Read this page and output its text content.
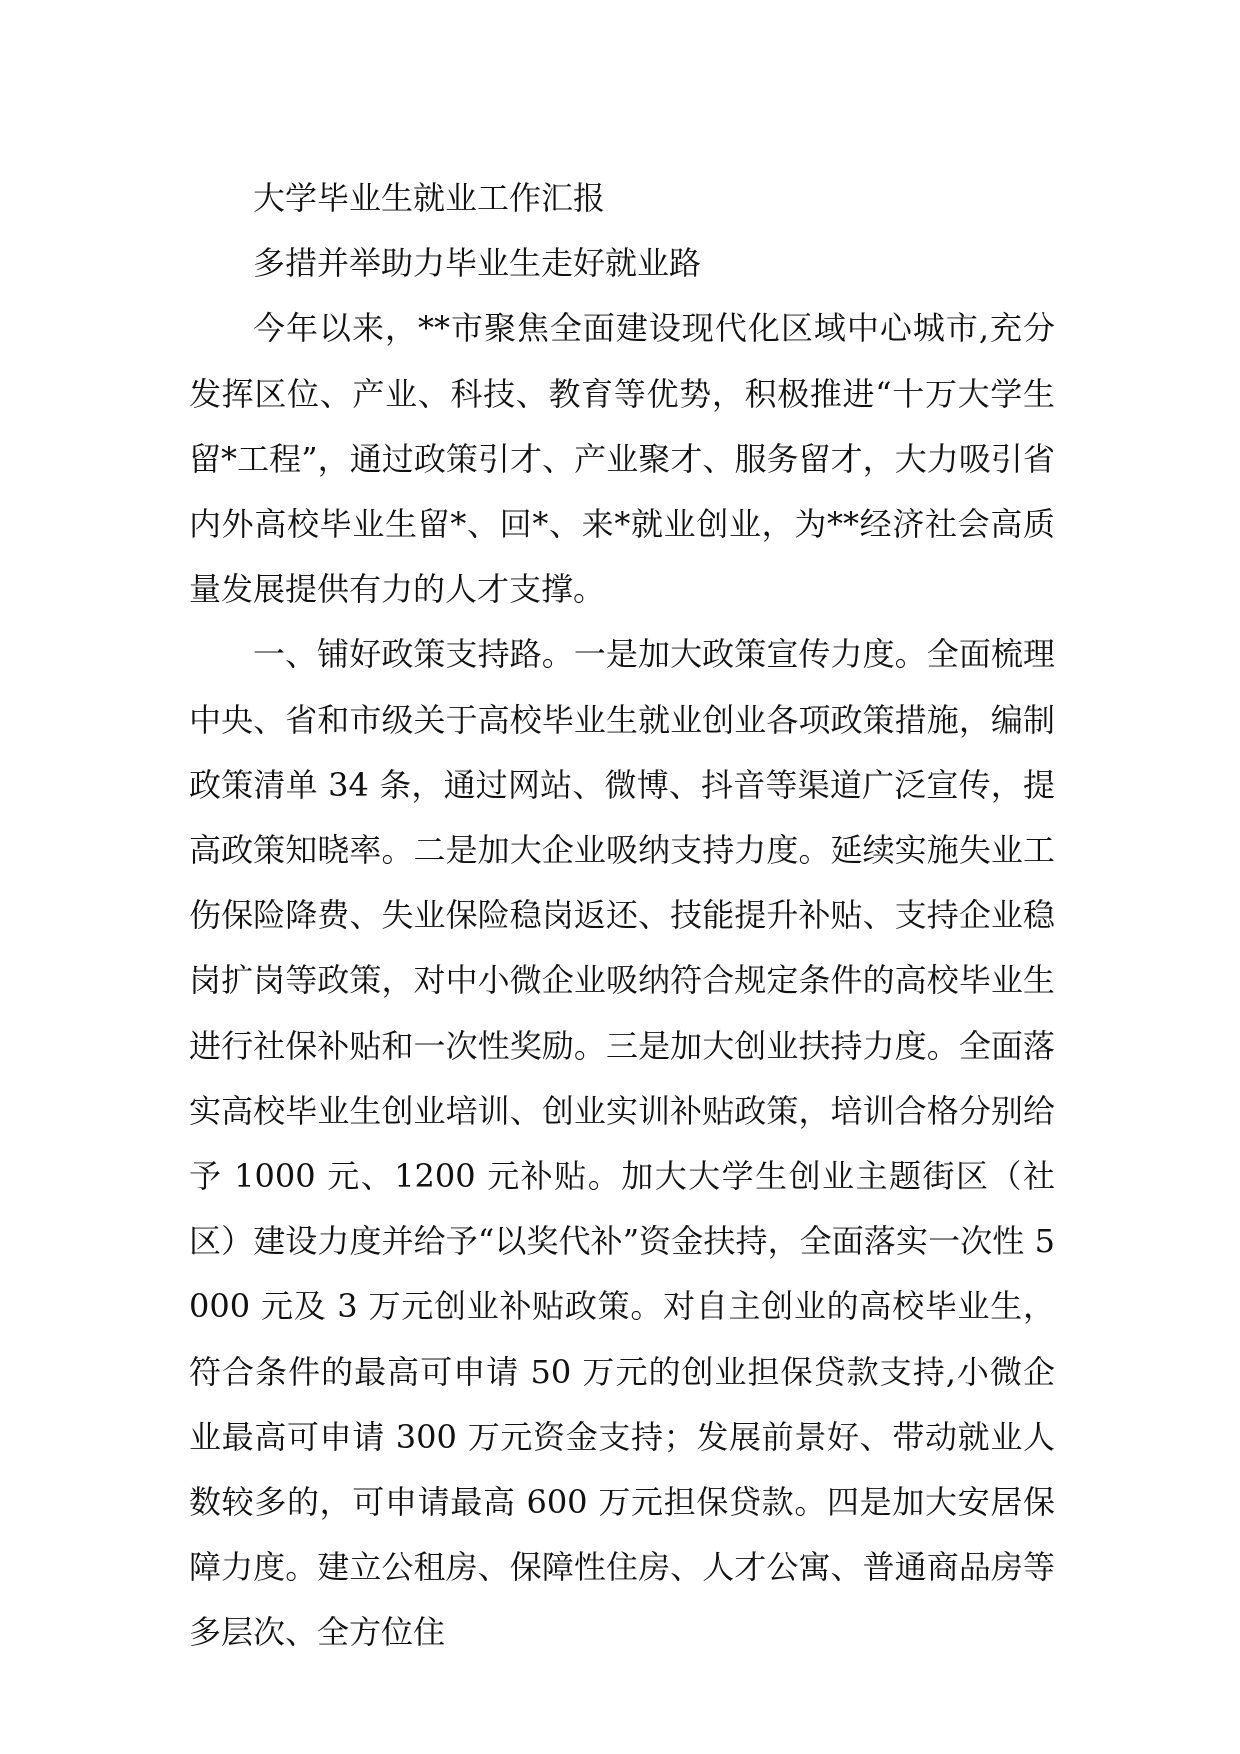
大学毕业生就业工作汇报

多措并举助力毕业生走好就业路

今年以来，**市聚焦全面建设现代化区域中心城市,充分发挥区位、产业、科技、教育等优势，积极推进“十万大学生留*工程”，通过政策引才、产业聚才、服务留才，大力吸引省内外高校毕业生留*、回*、来*就业创业，为**经济社会高质量发展提供有力的人才支撑。

一、铺好政策支持路。一是加大政策宣传力度。全面梳理中央、省和市级关于高校毕业生就业创业各项政策措施，编制政策清单 34 条，通过网站、微博、抖音等渠道广泛宣传，提高政策知晓率。二是加大企业吸纳支持力度。延续实施失业工伤保险降费、失业保险稳岗返还、技能提升补贴、支持企业稳岗扩岗等政策，对中小微企业吸纳符合规定条件的高校毕业生进行社保补贴和一次性奖励。三是加大创业扶持力度。全面落实高校毕业生创业培训、创业实训补贴政策，培训合格分别给予 1000 元、1200 元补贴。加大大学生创业主题街区（社区）建设力度并给予“以奖代补”资金扶持，全面落实一次性 5000 元及 3 万元创业补贴政策。对自主创业的高校毕业生，符合条件的最高可申请 50 万元的创业担保贷款支持,小微企业最高可申请 300 万元资金支持；发展前景好、带动就业人数较多的，可申请最高 600 万元担保贷款。四是加大安居保障力度。建立公租房、保障性住房、人才公寓、普通商品房等多层次、全方位住
